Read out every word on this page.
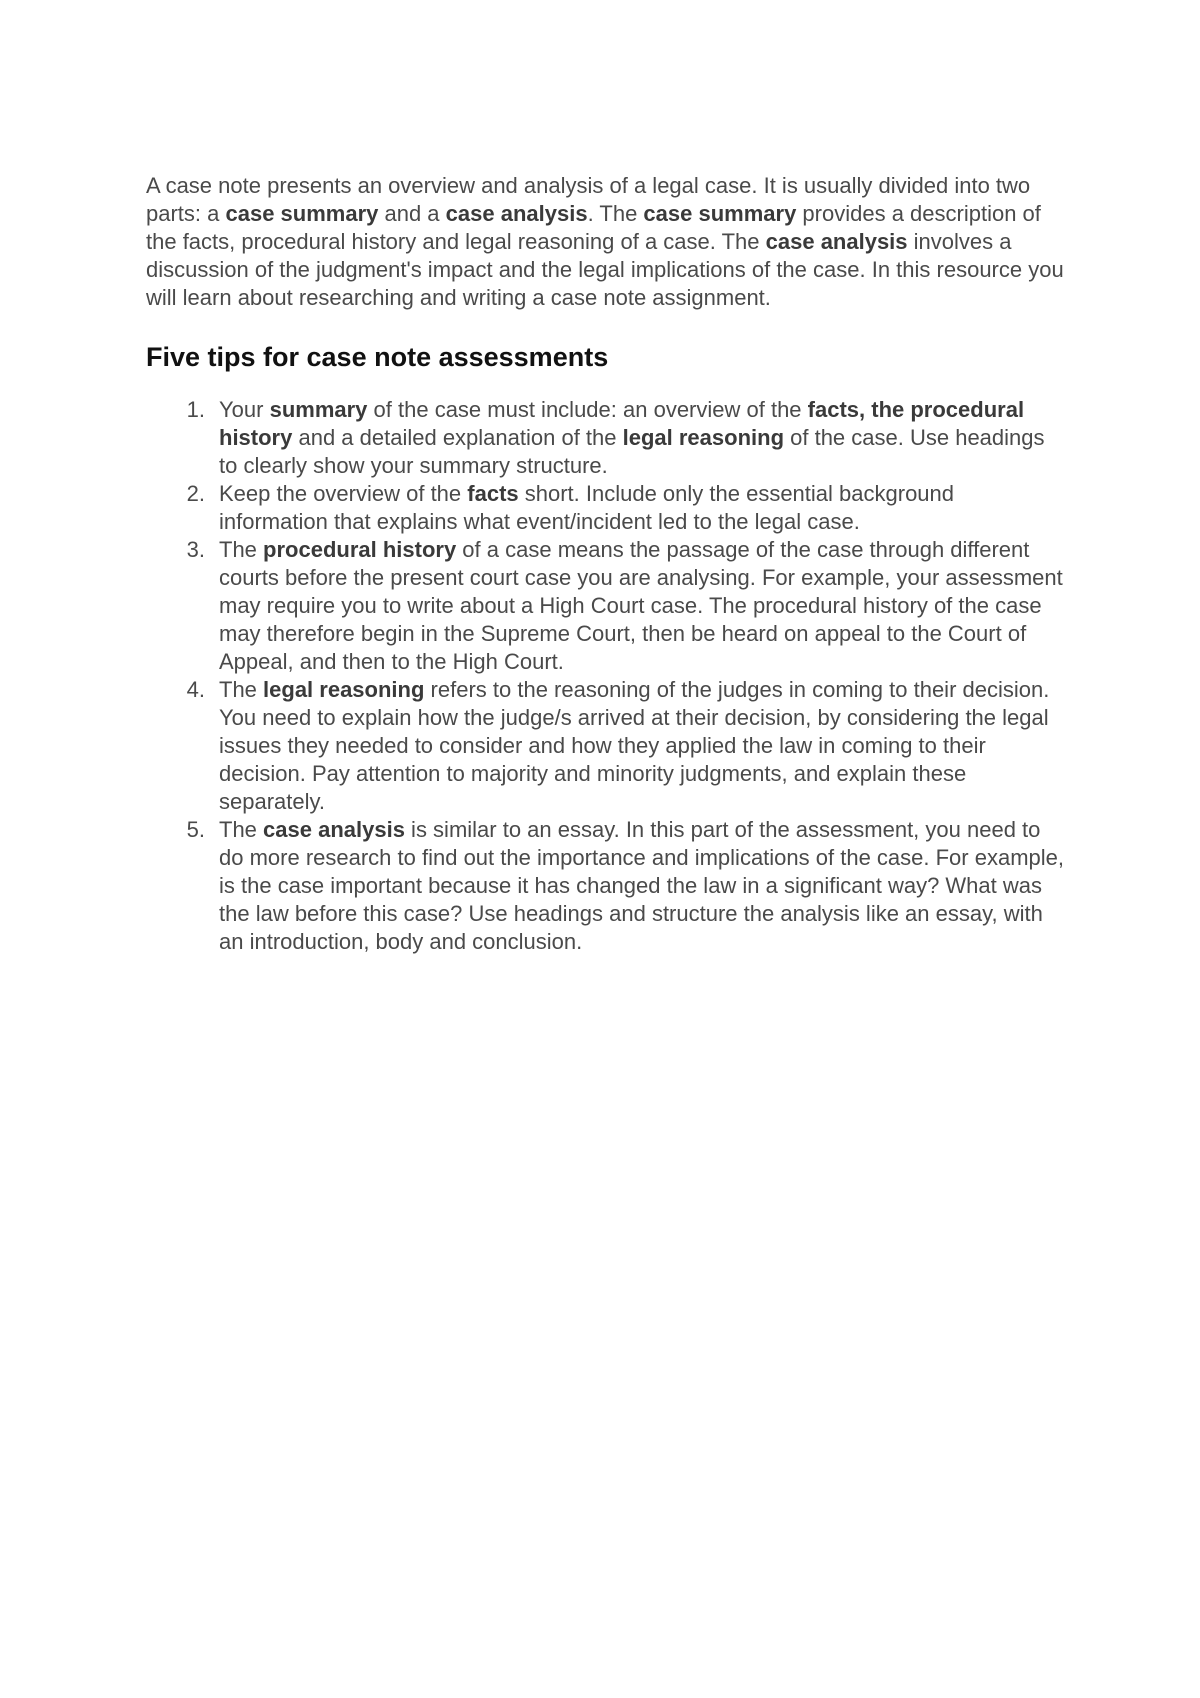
A case note presents an overview and analysis of a legal case. It is usually divided into two parts: a case summary and a case analysis. The case summary provides a description of the facts, procedural history and legal reasoning of a case. The case analysis involves a discussion of the judgment's impact and the legal implications of the case. In this resource you will learn about researching and writing a case note assignment.

Five tips for case note assessments
1. Your summary of the case must include: an overview of the facts, the procedural history and a detailed explanation of the legal reasoning of the case. Use headings to clearly show your summary structure.
2. Keep the overview of the facts short. Include only the essential background information that explains what event/incident led to the legal case.
3. The procedural history of a case means the passage of the case through different courts before the present court case you are analysing. For example, your assessment may require you to write about a High Court case. The procedural history of the case may therefore begin in the Supreme Court, then be heard on appeal to the Court of Appeal, and then to the High Court.
4. The legal reasoning refers to the reasoning of the judges in coming to their decision. You need to explain how the judge/s arrived at their decision, by considering the legal issues they needed to consider and how they applied the law in coming to their decision. Pay attention to majority and minority judgments, and explain these separately.
5. The case analysis is similar to an essay. In this part of the assessment, you need to do more research to find out the importance and implications of the case. For example, is the case important because it has changed the law in a significant way? What was the law before this case? Use headings and structure the analysis like an essay, with an introduction, body and conclusion.
